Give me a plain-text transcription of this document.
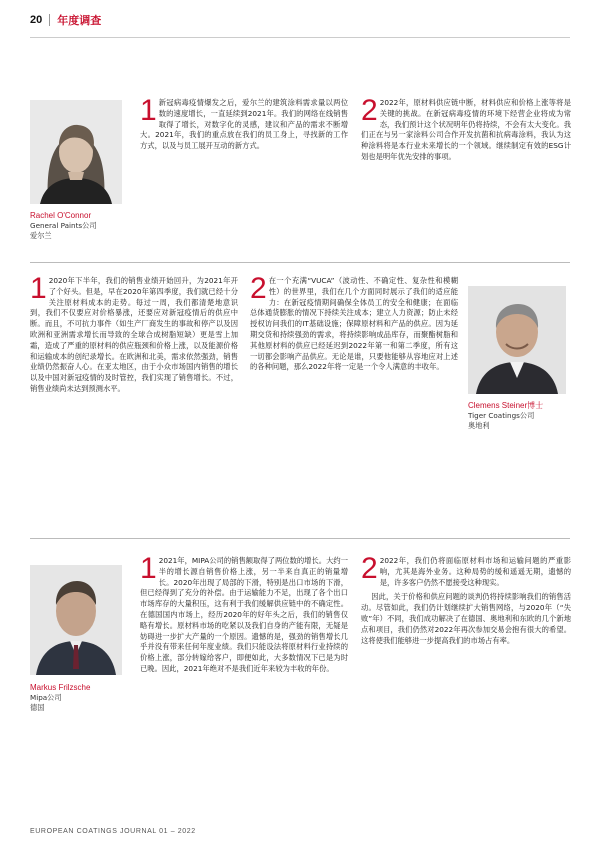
20 年度调查
Rachel O'Connor
General Paints公司
爱尔兰

1 新冠病毒疫情爆发之后，爱尔兰的建筑涂料需求量以两位数的速度增长，一直延续到2021年。我们的网络在线销售取得了增长，对数字化的灵感，建议和产品的需求不断增大。2021年，我们的重点放在我们的员工身上，寻找新的工作方式，以及与员工展开互动的新方式。

2 2022年，原材料供应链中断，材料供应和价格上涨等将是关键的挑战。在新冠病毒疫情的环境下经营企业将成为常态，我们预计这个状况明年仍将持续，不会有太大变化。我们正在与另一家涂料公司合作开发抗菌和抗病毒涂料，我认为这种涂料将是本行业未来增长的一个领域。继续制定有效的ESG计划也是明年优先安排的事项。

1 2020年下半年，我们的销售业绩开始回升，为2021年开了个好头。但是，早在2020年第四季度，我们就已经十分关注原材料成本的走势。每过一周，我们都清楚地意识到，我们不仅要应对价格暴涨，还要应对新冠疫情后的供应中断。而且，不可抗力事件（如生产厂商发生的事故和停产以及因欧洲和亚洲需求增长而导致的全球合成树脂短缺）更是雪上加霜，造成了严重的原材料的供应瓶颈和价格上涨，以及能源价格和运输成本的创纪录增长。在欧洲和北美，需求依然强劲，销售业绩仍然振奋人心。在亚太地区，由于小众市场国内销售的增长以及中国对新冠疫情的及时管控，我们实现了销售增长。不过，销售业绩尚未达到预测水平。

2 在一个充满“VUCA”（波动性、不确定性、复杂性和模糊性）的世界里，我们在几个方面同时展示了我们的适应能力：在新冠疫情期间确保全体员工的安全和健康；在面临总体通货膨胀的情况下持续关注成本；建立人力资源；防止未经授权访问我们的IT基础设施；保障原材料和产品的供应。因为延期交货和持续强劲的需求，将持续影响成品库存，而聚酯树脂和其他原材料的供应已经延迟到2022年第一和第二季度，所有这一切都会影响产品供应。无论是谁，只要他能够从容地应对上述的各种问题，那么2022年将一定是一个令人满意的丰收年。

Clemens Steiner博士
Tiger Coatings公司
奥地利
Markus Frilzsche
Mipa公司
德国

1 2021年，MIPA公司的销售额取得了两位数的增长。大约一半的增长源自销售价格上涨，另一半来自真正的销量增长。2020年出现了局部的下滑，特别是出口市场的下滑，但已经得到了充分的补偿。由于运输能力不足，出现了各个出口市场库存的大量积压，这有利于我们缓解供应链中的不确定性。在德国国内市场上，经历2020年的好年头之后，我们的销售仅略有增长。原材料市场的吃紧以及我们自身的产能有限，无疑是妨碍进一步扩大产量的一个原因。遗憾的是，强劲的销售增长几乎并没有带来任何年度业绩。我们只能设法将原材料行业持续的价格上涨，部分转嫁给客户，即便如此，大多数情况下已是为时已晚。因此，2021年绝对不是我们近年来较为丰收的年份。

2 2022年，我们仍将面临原材料市场和运输问题的严重影响，尤其是海外业务。这种局势的缓和遥遥无期，遗憾的是，许多客户仍然不愿接受这种现实。

因此，关于价格和供应问题的谈判仍将持续影响我们的销售活动。尽管如此，我们仍计划继续扩大销售网络，与2020年（“失败”年）不同，我们成功解决了在德国、奥地利和东欧的几个新地点和项目，我们仍然对2022年再次参加交易会抱有很大的希望。这将使我们能够进一步提高我们的市场占有率。

EUROPEAN COATINGS JOURNAL 01 – 2022
